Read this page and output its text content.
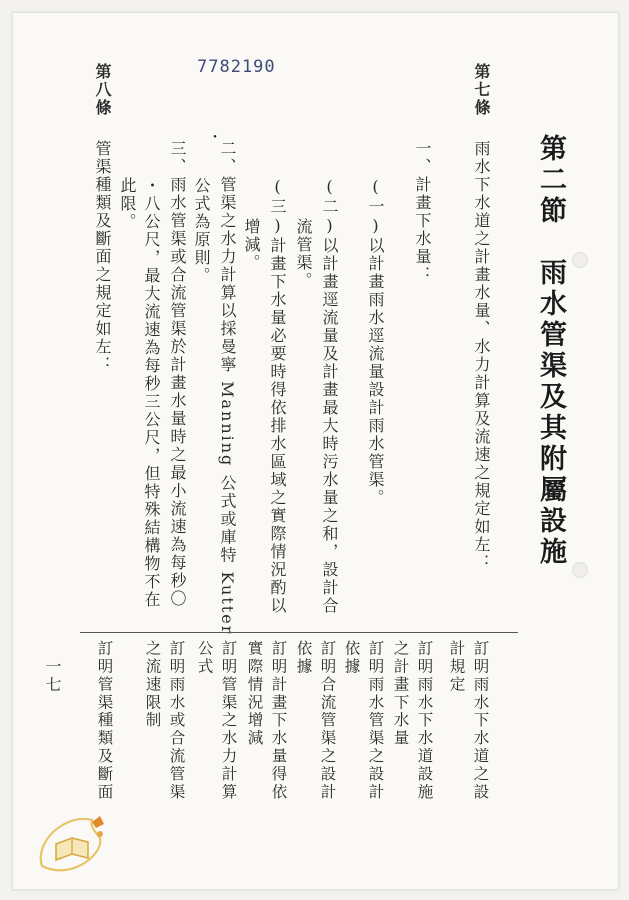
7782190
第二節　雨水管渠及其附屬設施
第七條
雨水下水道之計畫水量、水力計算及流速之規定如左：
一、計畫下水量：
(一)以計畫雨水逕流量設計雨水管渠。
(二)以計畫逕流量及計畫最大時污水量之和，設計合
流管渠。
(三)計畫下水量必要時得依排水區域之實際情況酌以
增減。
二、管渠之水力計算以採曼寧 Manning 公式或庫特 Kutter
公式為原則。
・
三、雨水管渠或合流管渠於計畫水量時之最小流速為每秒〇
・八公尺，最大流速為每秒三公尺，但特殊結構物不在
此限。
第八條
管渠種類及斷面之規定如左：
訂明雨水下水道之設
計規定
訂明雨水下水道設施
之計畫下水量
訂明雨水管渠之設計
依據
訂明合流管渠之設計
依據
訂明計畫下水量得依
實際情況增減
訂明管渠之水力計算
公式
訂明雨水或合流管渠
之流速限制
訂明管渠種類及斷面
一七
